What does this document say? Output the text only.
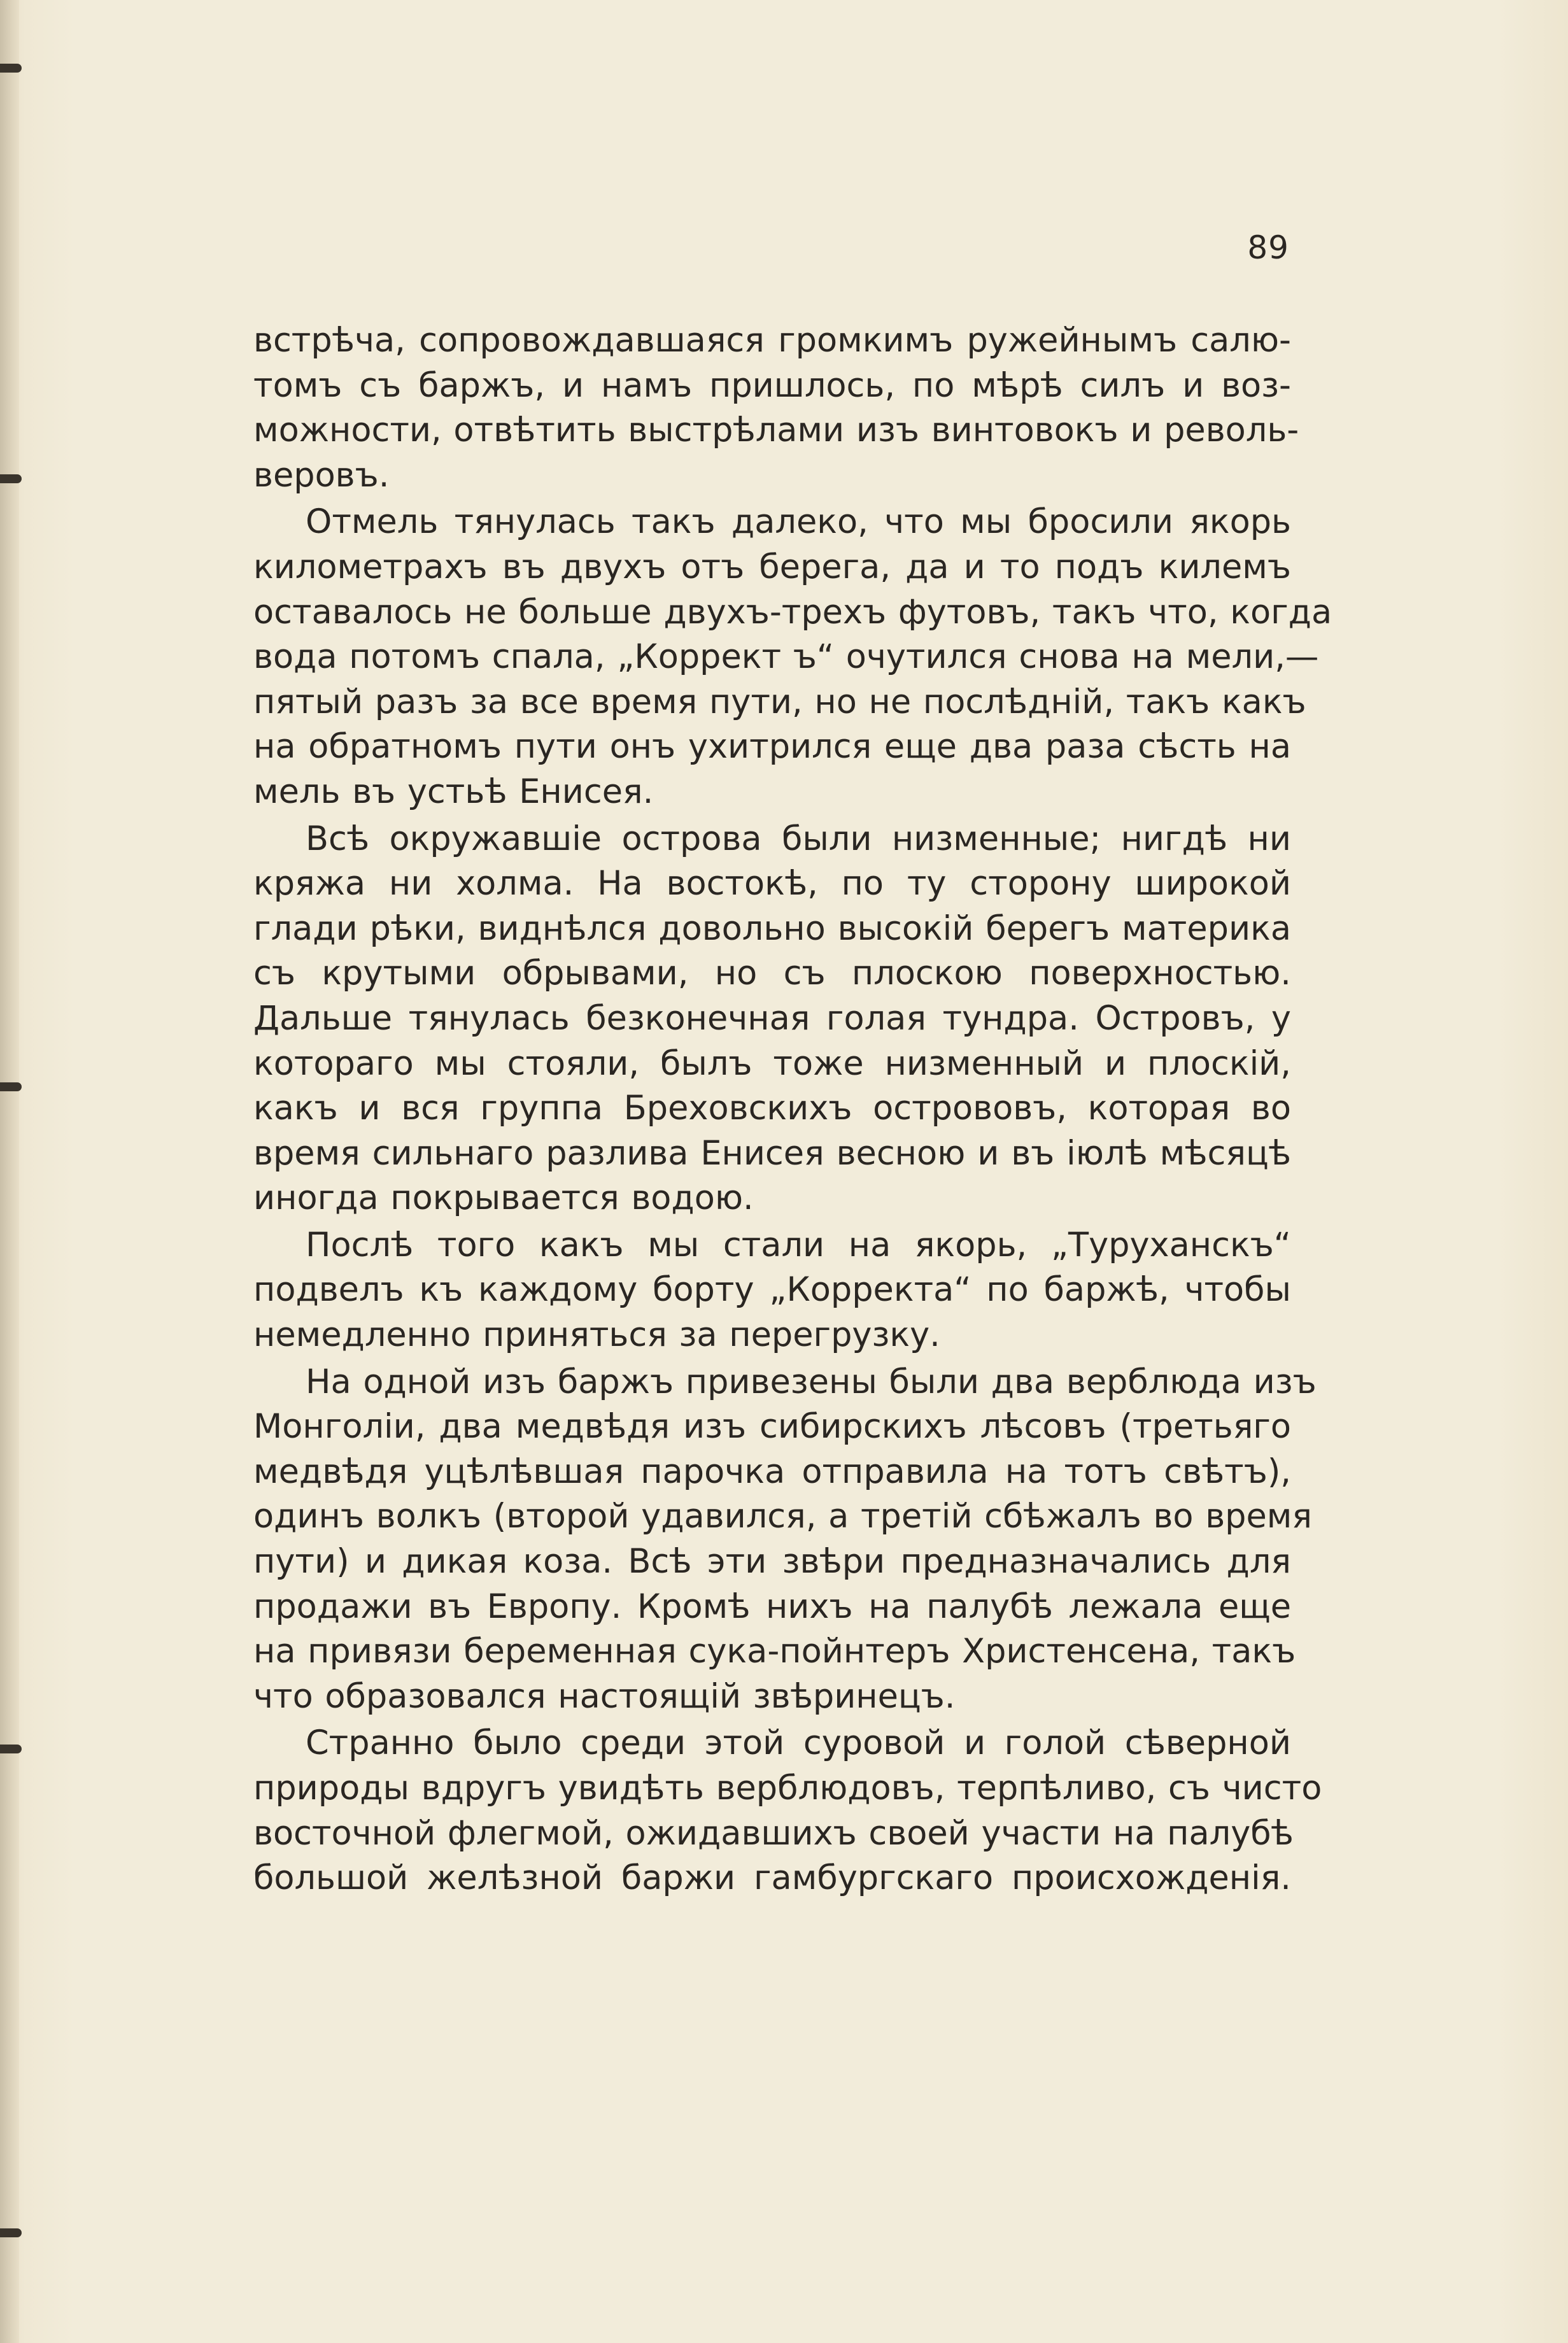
89
встрѣча, сопровождавшаяся громкимъ ружейнымъ салю-
томъ съ баржъ, и намъ пришлось, по мѣрѣ силъ и воз-
можности, отвѣтить выстрѣлами изъ винтовокъ и револь-
веровъ.
Отмель тянулась такъ далеко, что мы бросили якорь
километрахъ въ двухъ отъ берега, да и то подъ килемъ
оставалось не больше двухъ-трехъ футовъ, такъ что, когда
вода потомъ спала, „Коррект ъ“ очутился снова на мели,—
пятый разъ за все время пути, но не послѣднiй, такъ какъ
на обратномъ пути онъ ухитрился еще два раза сѣсть на
мель въ устьѣ Енисея.
Всѣ окружавшiе острова были низменные; нигдѣ ни
кряжа ни холма. На востокѣ, по ту сторону широкой
глади рѣки, виднѣлся довольно высокiй берегъ материка
съ крутыми обрывами, но съ плоскою поверхностью.
Дальше тянулась безконечная голая тундра. Островъ, у
котораго мы стояли, былъ тоже низменный и плоскiй,
какъ и вся группа Бреховскихъ острововъ, которая во
время сильнаго разлива Енисея весною и въ iюлѣ мѣсяцѣ
иногда покрывается водою.
Послѣ того какъ мы стали на якорь, „Туруханскъ“
подвелъ къ каждому борту „Корректа“ по баржѣ, чтобы
немедленно приняться за перегрузку.
На одной изъ баржъ привезены были два верблюда изъ
Монголiи, два медвѣдя изъ сибирскихъ лѣсовъ (третьяго
медвѣдя уцѣлѣвшая парочка отправила на тотъ свѣтъ),
одинъ волкъ (второй удавился, а третiй сбѣжалъ во время
пути) и дикая коза. Всѣ эти звѣри предназначались для
продажи въ Европу. Кромѣ нихъ на палубѣ лежала еще
на привязи беременная сука-пойнтеръ Христенсена, такъ
что образовался настоящiй звѣринецъ.
Странно было среди этой суровой и голой сѣверной
природы вдругъ увидѣть верблюдовъ, терпѣливо, съ чисто
восточной флегмой, ожидавшихъ своей участи на палубѣ
большой желѣзной баржи гамбургскаго происхожденiя.
